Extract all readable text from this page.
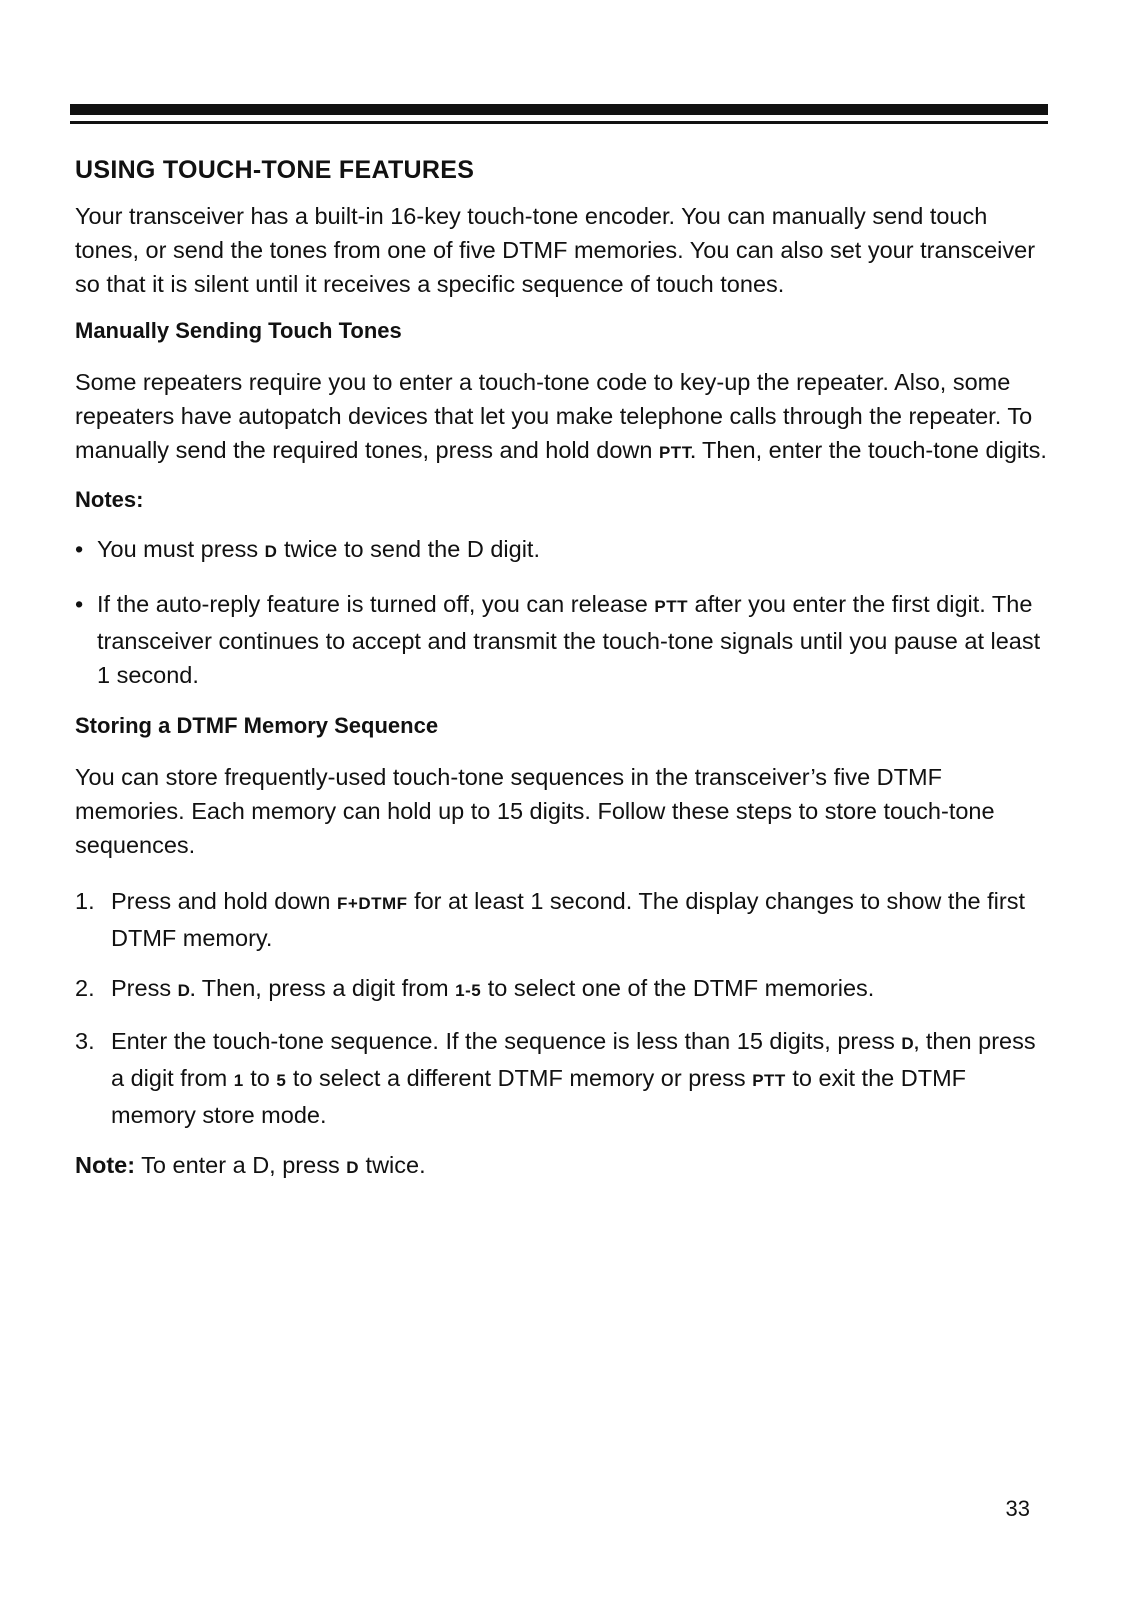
USING TOUCH-TONE FEATURES

Your transceiver has a built-in 16-key touch-tone encoder. You can manually send touch tones, or send the tones from one of five DTMF memories. You can also set your transceiver so that it is silent until it receives a specific sequence of touch tones.

Manually Sending Touch Tones

Some repeaters require you to enter a touch-tone code to key-up the repeater. Also, some repeaters have autopatch devices that let you make telephone calls through the repeater. To manually send the required tones, press and hold down PTT. Then, enter the touch-tone digits.

Notes:
• You must press D twice to send the D digit.
• If the auto-reply feature is turned off, you can release PTT after you enter the first digit. The transceiver continues to accept and transmit the touch-tone signals until you pause at least 1 second.
Storing a DTMF Memory Sequence

You can store frequently-used touch-tone sequences in the transceiver’s five DTMF memories. Each memory can hold up to 15 digits. Follow these steps to store touch-tone sequences.

1. Press and hold down F+DTMF for at least 1 second. The display changes to show the first DTMF memory.
2. Press D. Then, press a digit from 1-5 to select one of the DTMF memories.
3. Enter the touch-tone sequence. If the sequence is less than 15 digits, press D, then press a digit from 1 to 5 to select a different DTMF memory or press PTT to exit the DTMF memory store mode.
Note: To enter a D, press D twice.
33
